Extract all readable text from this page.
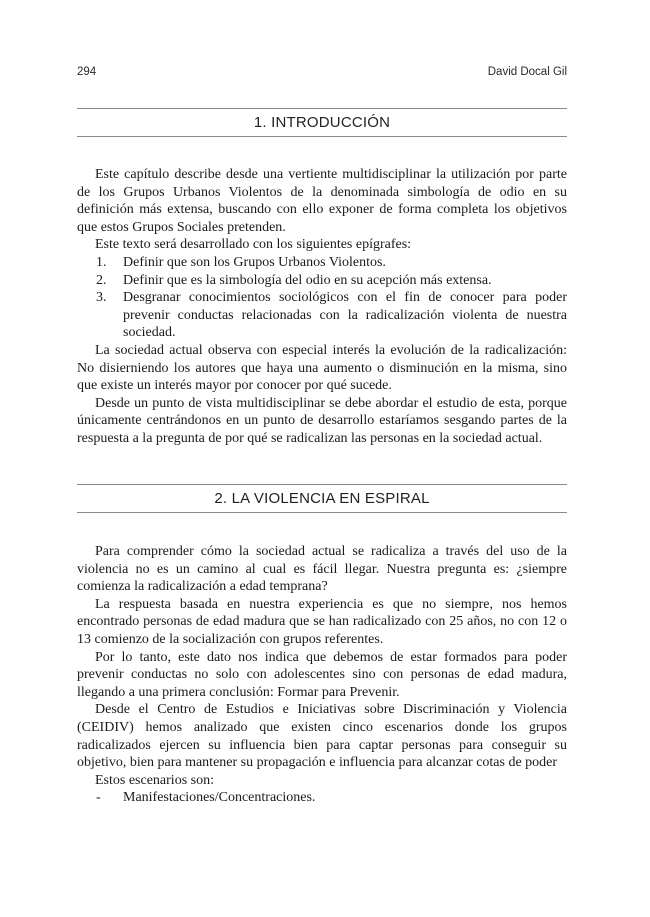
294	David Docal Gil
1. INTRODUCCIÓN

Este capítulo describe desde una vertiente multidisciplinar la utilización por parte de los Grupos Urbanos Violentos de la denominada simbología de odio en su definición más extensa, buscando con ello exponer de forma completa los objetivos que estos Grupos Sociales pretenden.

Este texto será desarrollado con los siguientes epígrafes:

1. Definir que son los Grupos Urbanos Violentos.
2. Definir que es la simbología del odio en su acepción más extensa.
3. Desgranar conocimientos sociológicos con el fin de conocer para poder prevenir conductas relacionadas con la radicalización violenta de nuestra sociedad.

La sociedad actual observa con especial interés la evolución de la radicalización: No disierniendo los autores que haya una aumento o disminución en la misma, sino que existe un interés mayor por conocer por qué sucede.

Desde un punto de vista multidisciplinar se debe abordar el estudio de esta, porque únicamente centrándonos en un punto de desarrollo estaríamos sesgando partes de la respuesta a la pregunta de por qué se radicalizan las personas en la sociedad actual.

2. LA VIOLENCIA EN ESPIRAL

Para comprender cómo la sociedad actual se radicaliza a través del uso de la violencia no es un camino al cual es fácil llegar. Nuestra pregunta es: ¿siempre comienza la radicalización a edad temprana?

La respuesta basada en nuestra experiencia es que no siempre, nos hemos encontrado personas de edad madura que se han radicalizado con 25 años, no con 12 o 13 comienzo de la socialización con grupos referentes.

Por lo tanto, este dato nos indica que debemos de estar formados para poder prevenir conductas no solo con adolescentes sino con personas de edad madura, llegando a una primera conclusión: Formar para Prevenir.

Desde el Centro de Estudios e Iniciativas sobre Discriminación y Violencia (CEIDIV) hemos analizado que existen cinco escenarios donde los grupos radicalizados ejercen su influencia bien para captar personas para conseguir su objetivo, bien para mantener su propagación e influencia para alcanzar cotas de poder

Estos escenarios son:

- Manifestaciones/Concentraciones.
